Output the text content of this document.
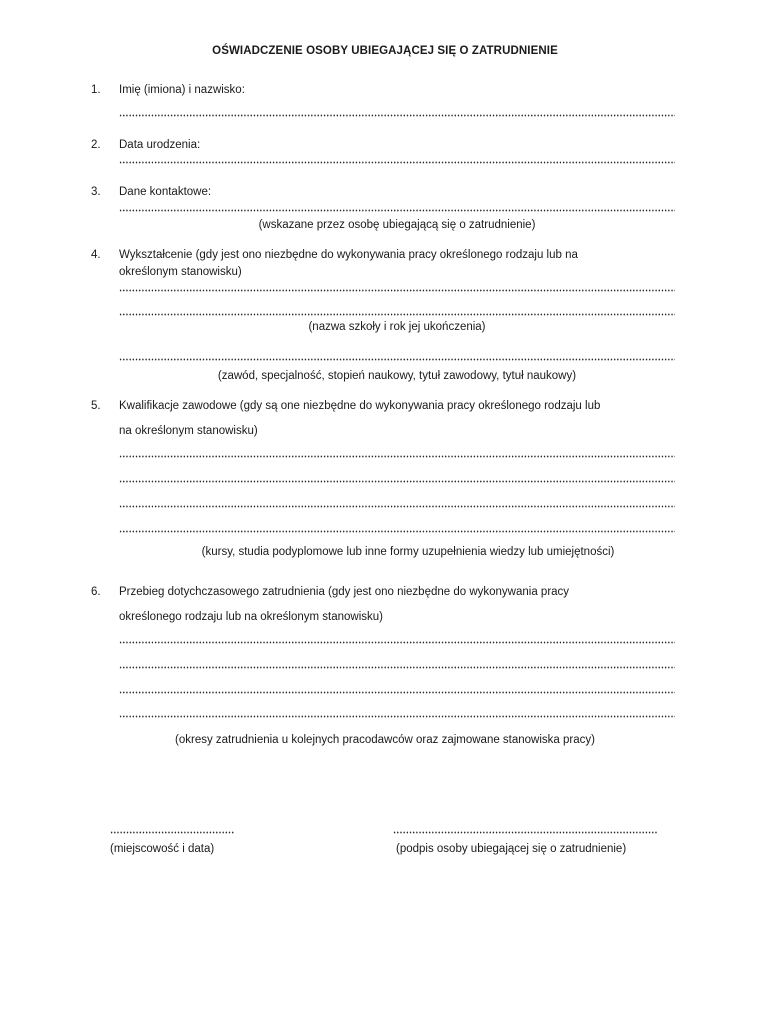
OŚWIADCZENIE OSOBY UBIEGAJĄCEJ SIĘ O ZATRUDNIENIE
1. Imię (imiona) i nazwisko:
2. Data urodzenia:
3. Dane kontaktowe:
(wskazane przez osobę ubiegającą się o zatrudnienie)
4. Wykształcenie (gdy jest ono niezbędne do wykonywania pracy określonego rodzaju lub na
określonym stanowisku)
(nazwa szkoły i rok jej ukończenia)
(zawód, specjalność, stopień naukowy, tytuł zawodowy, tytuł naukowy)
5. Kwalifikacje zawodowe (gdy są one niezbędne do wykonywania pracy określonego rodzaju lub
na określonym stanowisku)
(kursy, studia podyplomowe lub inne formy uzupełnienia wiedzy lub umiejętności)
6. Przebieg dotychczasowego zatrudnienia (gdy jest ono niezbędne do wykonywania pracy
określonego rodzaju lub na określonym stanowisku)
(okresy zatrudnienia u kolejnych pracodawców oraz zajmowane stanowiska pracy)
(miejscowość i data)	(podpis osoby ubiegającej się o zatrudnienie)
